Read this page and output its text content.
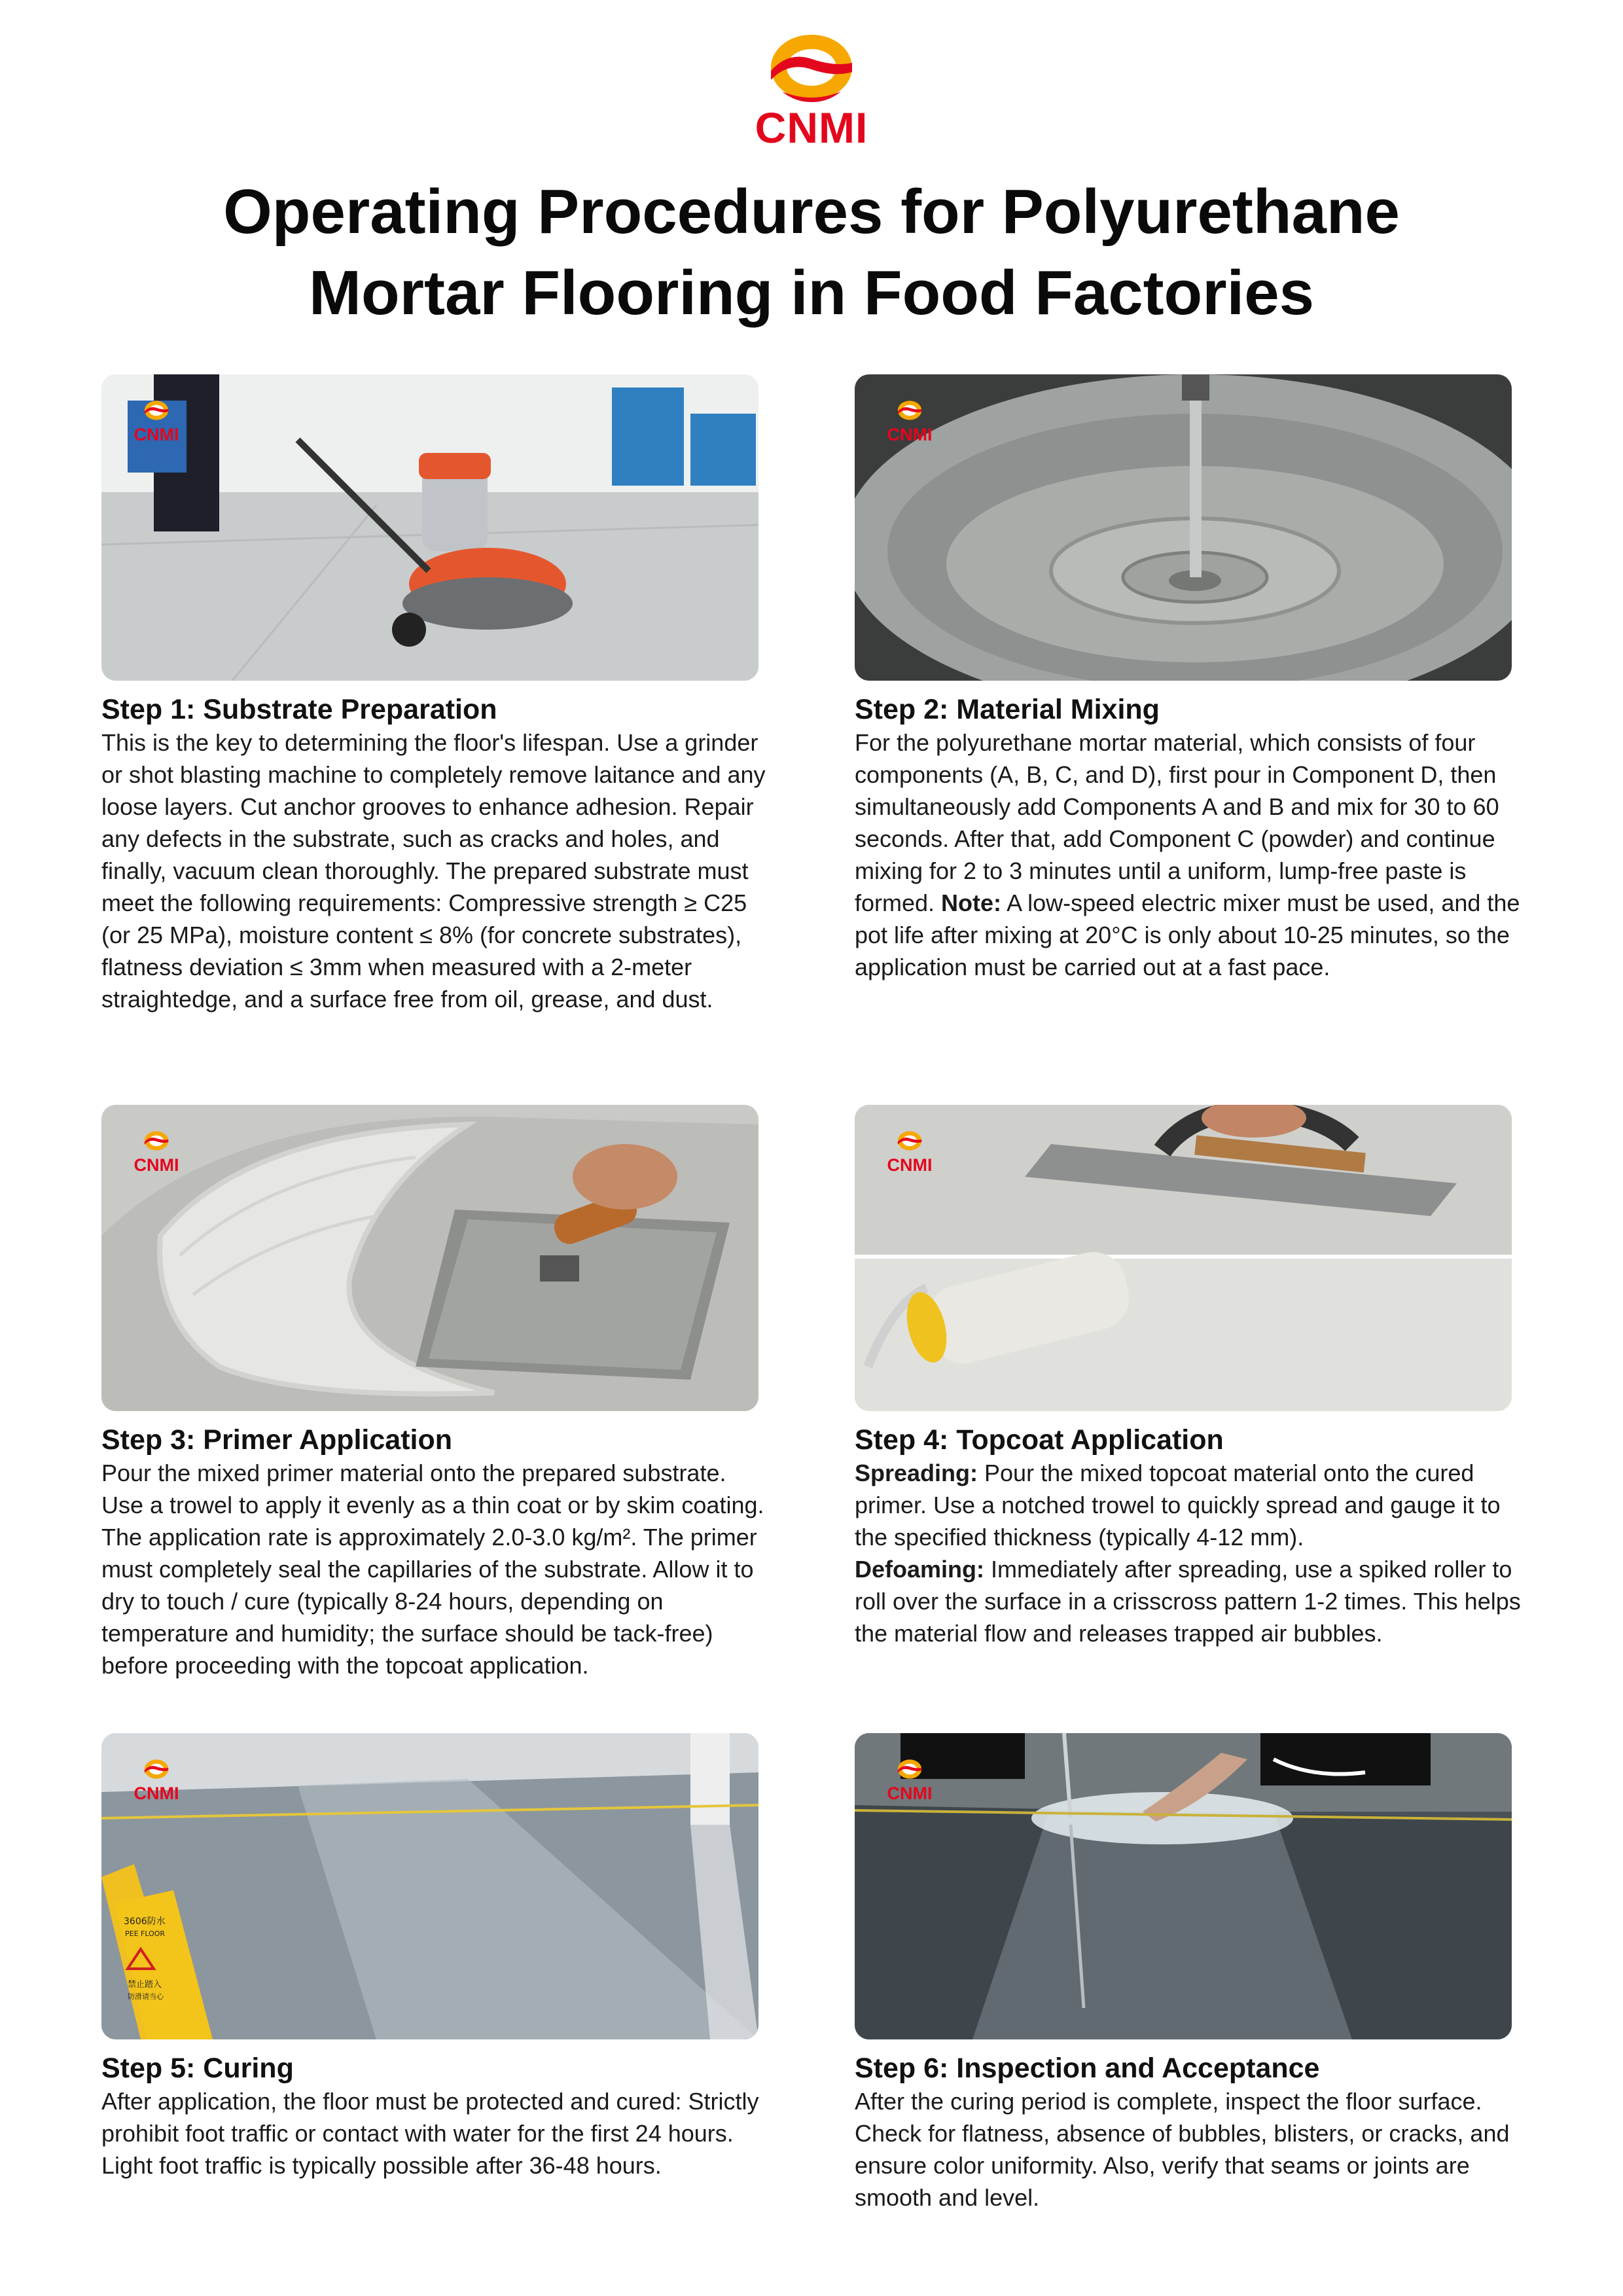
CNMI
Operating Procedures for Polyurethane
Mortar Flooring in Food Factories
CNMI
Step 1: Substrate Preparation

This is the key to determining the floor's lifespan. Use a grinder or shot blasting machine to completely remove laitance and any loose layers. Cut anchor grooves to enhance adhesion. Repair any defects in the substrate, such as cracks and holes, and finally, vacuum clean thoroughly. The prepared substrate must meet the following requirements: Compressive strength ≥ C25 (or 25 MPa), moisture content ≤ 8% (for concrete substrates), flatness deviation ≤ 3mm when measured with a 2-meter straightedge, and a surface free from oil, grease, and dust.

CNMI
Step 2: Material Mixing

For the polyurethane mortar material, which consists of four components (A, B, C, and D), first pour in Component D, then simultaneously add Components A and B and mix for 30 to 60 seconds. After that, add Component C (powder) and continue mixing for 2 to 3 minutes until a uniform, lump-free paste is formed. Note: A low-speed electric mixer must be used, and the pot life after mixing at 20°C is only about 10-25 minutes, so the application must be carried out at a fast pace.

CNMI
Step 3: Primer Application

Pour the mixed primer material onto the prepared substrate. Use a trowel to apply it evenly as a thin coat or by skim coating. The application rate is approximately 2.0-3.0 kg/m². The primer must completely seal the capillaries of the substrate. Allow it to dry to touch / cure (typically 8-24 hours, depending on temperature and humidity; the surface should be tack-free) before proceeding with the topcoat application.

CNMI
Step 4: Topcoat Application

Spreading: Pour the mixed topcoat material onto the cured primer. Use a notched trowel to quickly spread and gauge it to the specified thickness (typically 4-12 mm).

Defoaming: Immediately after spreading, use a spiked roller to roll over the surface in a crisscross pattern 1-2 times. This helps the material flow and releases trapped air bubbles.

3606防水
PEE FLOOR
禁止踏入
防滑请当心
CNMI
Step 5: Curing

After application, the floor must be protected and cured: Strictly prohibit foot traffic or contact with water for the first 24 hours. Light foot traffic is typically possible after 36-48 hours.

CNMI
Step 6: Inspection and Acceptance

After the curing period is complete, inspect the floor surface. Check for flatness, absence of bubbles, blisters, or cracks, and ensure color uniformity. Also, verify that seams or joints are smooth and level.
